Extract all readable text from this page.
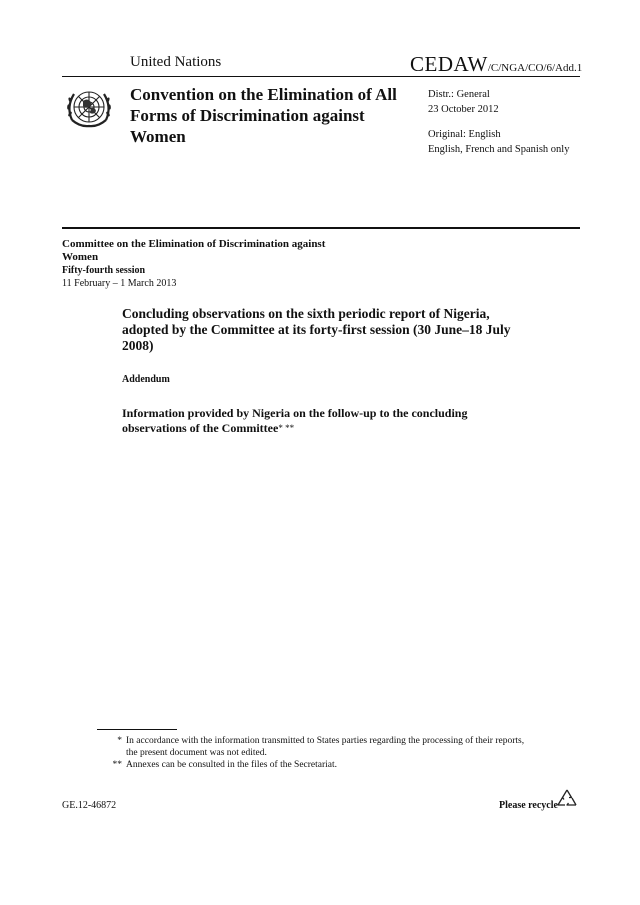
United Nations	CEDAW/C/NGA/CO/6/Add.1
Convention on the Elimination of All Forms of Discrimination against Women
Distr.: General
23 October 2012
Original: English
English, French and Spanish only
Committee on the Elimination of Discrimination against Women
Fifty-fourth session
11 February – 1 March 2013
Concluding observations on the sixth periodic report of Nigeria, adopted by the Committee at its forty-first session (30 June–18 July 2008)
Addendum
Information provided by Nigeria on the follow-up to the concluding observations of the Committee* **
* In accordance with the information transmitted to States parties regarding the processing of their reports, the present document was not edited.
** Annexes can be consulted in the files of the Secretariat.
GE.12-46872	Please recycle
